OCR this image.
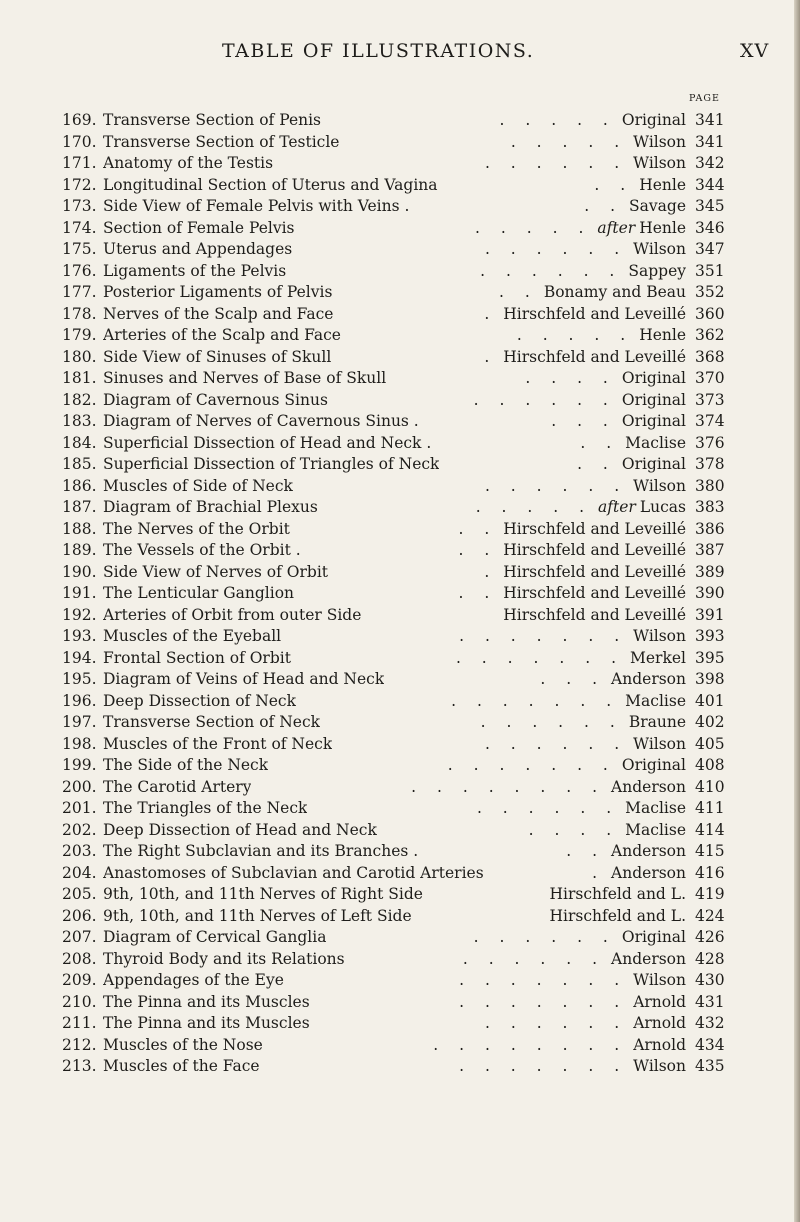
TABLE OF ILLUSTRATIONS.	XV
PAGE
169. Transverse Section of Penis	. . . . . Original 341
170. Transverse Section of Testicle	. . . . . Wilson 341
171. Anatomy of the Testis	. . . . . . Wilson 342
172. Longitudinal Section of Uterus and Vagina	. . Henle 344
173. Side View of Female Pelvis with Veins .	. . Savage 345
174. Section of Female Pelvis	. . . . . after Henle 346
175. Uterus and Appendages	. . . . . . Wilson 347
176. Ligaments of the Pelvis	. . . . . . Sappey 351
177. Posterior Ligaments of Pelvis	. . Bonamy and Beau 352
178. Nerves of the Scalp and Face	. Hirschfeld and Leveillé 360
179. Arteries of the Scalp and Face	. . . . . Henle 362
180. Side View of Sinuses of Skull	. Hirschfeld and Leveillé 368
181. Sinuses and Nerves of Base of Skull	. . . . Original 370
182. Diagram of Cavernous Sinus	. . . . . . Original 373
183. Diagram of Nerves of Cavernous Sinus .	. . . Original 374
184. Superficial Dissection of Head and Neck .	. . Maclise 376
185. Superficial Dissection of Triangles of Neck	. . Original 378
186. Muscles of Side of Neck	. . . . . . Wilson 380
187. Diagram of Brachial Plexus	. . . . . after Lucas 383
188. The Nerves of the Orbit	. . Hirschfeld and Leveillé 386
189. The Vessels of the Orbit .	. . Hirschfeld and Leveillé 387
190. Side View of Nerves of Orbit	. Hirschfeld and Leveillé 389
191. The Lenticular Ganglion	. . Hirschfeld and Leveillé 390
192. Arteries of Orbit from outer Side	Hirschfeld and Leveillé 391
193. Muscles of the Eyeball	. . . . . . . Wilson 393
194. Frontal Section of Orbit	. . . . . . . Merkel 395
195. Diagram of Veins of Head and Neck	. . . Anderson 398
196. Deep Dissection of Neck	. . . . . . . Maclise 401
197. Transverse Section of Neck	. . . . . . Braune 402
198. Muscles of the Front of Neck	. . . . . . Wilson 405
199. The Side of the Neck	. . . . . . . Original 408
200. The Carotid Artery	. . . . . . . . Anderson 410
201. The Triangles of the Neck	. . . . . . Maclise 411
202. Deep Dissection of Head and Neck	. . . . Maclise 414
203. The Right Subclavian and its Branches .	. . Anderson 415
204. Anastomoses of Subclavian and Carotid Arteries	. Anderson 416
205. 9th, 10th, and 11th Nerves of Right Side	Hirschfeld and L. 419
206. 9th, 10th, and 11th Nerves of Left Side	Hirschfeld and L. 424
207. Diagram of Cervical Ganglia	. . . . . . Original 426
208. Thyroid Body and its Relations	. . . . . . Anderson 428
209. Appendages of the Eye	. . . . . . . Wilson 430
210. The Pinna and its Muscles	. . . . . . . Arnold 431
211. The Pinna and its Muscles	. . . . . . Arnold 432
212. Muscles of the Nose	. . . . . . . . Arnold 434
213. Muscles of the Face	. . . . . . . Wilson 435
